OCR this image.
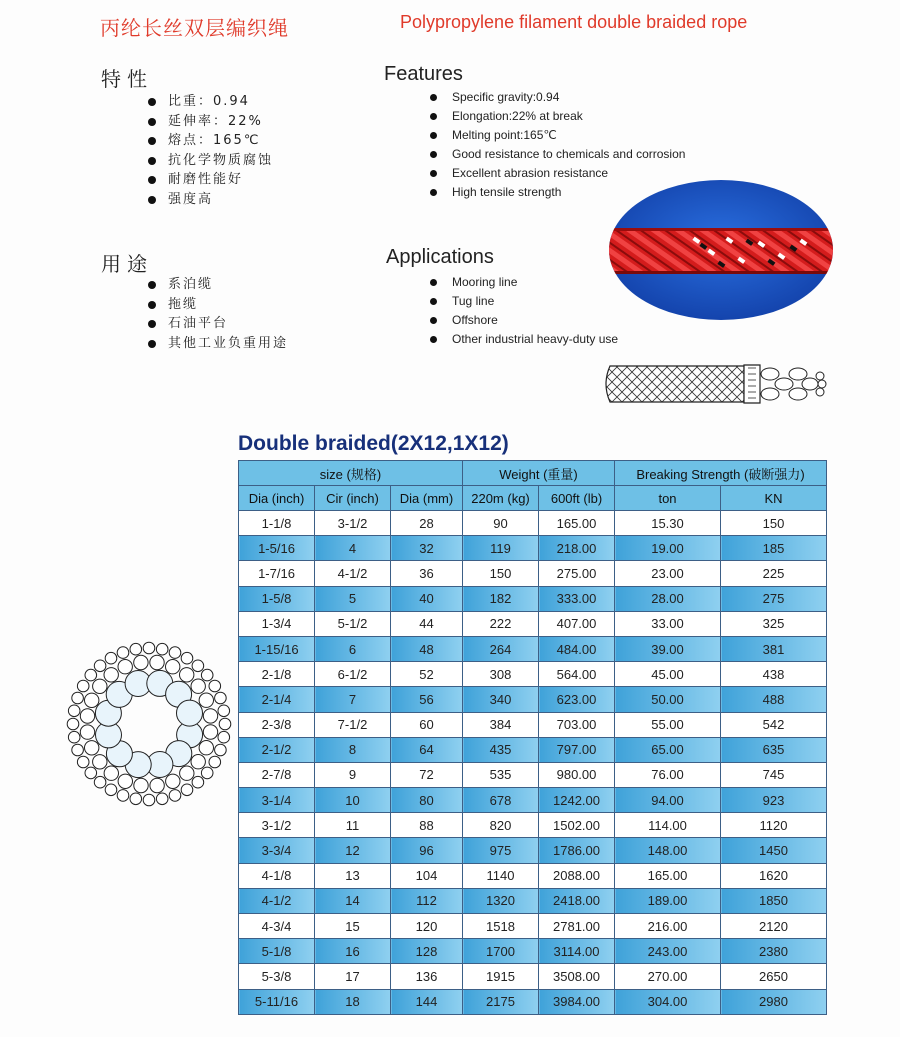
丙纶长丝双层编织绳	Polypropylene filament double braided rope
特性	Features
比重：0.94
延伸率：22%
熔点：165℃
抗化学物质腐蚀
耐磨性能好
强度高
Specific gravity:0.94
Elongation:22% at break
Melting point:165℃
Good resistance to chemicals and corrosion
Excellent abrasion resistance
High tensile strength
用途	Applications
系泊缆
拖缆
石油平台
其他工业负重用途
Mooring line
Tug line
Offshore
Other industrial heavy-duty use
Double braided(2X12,1X12)
size (规格)			Weight (重量)		Breaking Strength (破断强力)	
Dia (inch)	Cir (inch)	Dia (mm)	220m (kg)	600ft (lb)	ton	KN
1-1/8	3-1/2	28	90	165.00	15.30	150
1-5/16	4	32	119	218.00	19.00	185
1-7/16	4-1/2	36	150	275.00	23.00	225
1-5/8	5	40	182	333.00	28.00	275
1-3/4	5-1/2	44	222	407.00	33.00	325
1-15/16	6	48	264	484.00	39.00	381
2-1/8	6-1/2	52	308	564.00	45.00	438
2-1/4	7	56	340	623.00	50.00	488
2-3/8	7-1/2	60	384	703.00	55.00	542
2-1/2	8	64	435	797.00	65.00	635
2-7/8	9	72	535	980.00	76.00	745
3-1/4	10	80	678	1242.00	94.00	923
3-1/2	11	88	820	1502.00	114.00	1120
3-3/4	12	96	975	1786.00	148.00	1450
4-1/8	13	104	1140	2088.00	165.00	1620
4-1/2	14	112	1320	2418.00	189.00	1850
4-3/4	15	120	1518	2781.00	216.00	2120
5-1/8	16	128	1700	3114.00	243.00	2380
5-3/8	17	136	1915	3508.00	270.00	2650
5-11/16	18	144	2175	3984.00	304.00	2980
